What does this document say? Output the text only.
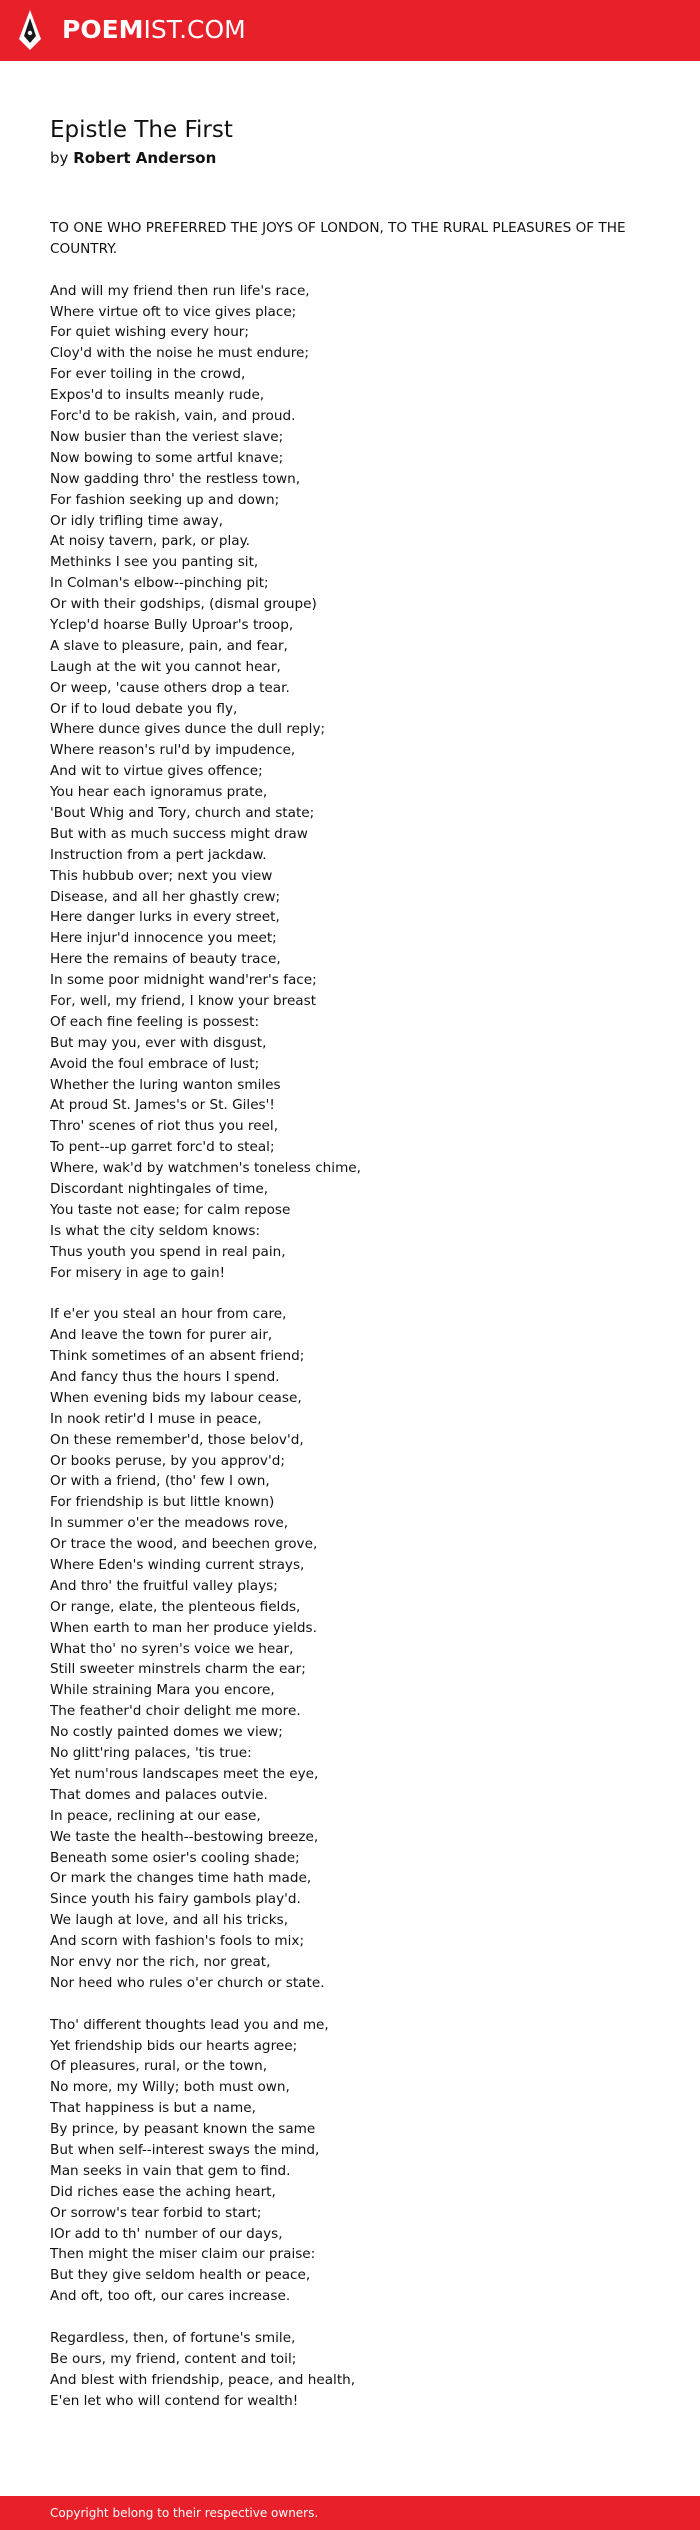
POEMIST.COM
Epistle The First
by Robert Anderson
TO ONE WHO PREFERRED THE JOYS OF LONDON, TO THE RURAL PLEASURES OF THE COUNTRY.
And will my friend then run life's race,
Where virtue oft to vice gives place;
For quiet wishing every hour;
Cloy'd with the noise he must endure;
For ever toiling in the crowd,
Expos'd to insults meanly rude,
Forc'd to be rakish, vain, and proud.
Now busier than the veriest slave;
Now bowing to some artful knave;
Now gadding thro' the restless town,
For fashion seeking up and down;
Or idly trifling time away,
At noisy tavern, park, or play.
Methinks I see you panting sit,
In Colman's elbow--pinching pit;
Or with their godships, (dismal groupe)
Yclep'd hoarse Bully Uproar's troop,
A slave to pleasure, pain, and fear,
Laugh at the wit you cannot hear,
Or weep, 'cause others drop a tear.
Or if to loud debate you fly,
Where dunce gives dunce the dull reply;
Where reason's rul'd by impudence,
And wit to virtue gives offence;
You hear each ignoramus prate,
'Bout Whig and Tory, church and state;
But with as much success might draw
Instruction from a pert jackdaw.
This hubbub over; next you view
Disease, and all her ghastly crew;
Here danger lurks in every street,
Here injur'd innocence you meet;
Here the remains of beauty trace,
In some poor midnight wand'rer's face;
For, well, my friend, I know your breast
Of each fine feeling is possest:
But may you, ever with disgust,
Avoid the foul embrace of lust;
Whether the luring wanton smiles
At proud St. James's or St. Giles'!
Thro' scenes of riot thus you reel,
To pent--up garret forc'd to steal;
Where, wak'd by watchmen's toneless chime,
Discordant nightingales of time,
You taste not ease; for calm repose
Is what the city seldom knows:
Thus youth you spend in real pain,
For misery in age to gain!
If e'er you steal an hour from care,
And leave the town for purer air,
Think sometimes of an absent friend;
And fancy thus the hours I spend.
When evening bids my labour cease,
In nook retir'd I muse in peace,
On these remember'd, those belov'd,
Or books peruse, by you approv'd;
Or with a friend, (tho' few I own,
For friendship is but little known)
In summer o'er the meadows rove,
Or trace the wood, and beechen grove,
Where Eden's winding current strays,
And thro' the fruitful valley plays;
Or range, elate, the plenteous fields,
When earth to man her produce yields.
What tho' no syren's voice we hear,
Still sweeter minstrels charm the ear;
While straining Mara you encore,
The feather'd choir delight me more.
No costly painted domes we view;
No glitt'ring palaces, 'tis true:
Yet num'rous landscapes meet the eye,
That domes and palaces outvie.
In peace, reclining at our ease,
We taste the health--bestowing breeze,
Beneath some osier's cooling shade;
Or mark the changes time hath made,
Since youth his fairy gambols play'd.
We laugh at love, and all his tricks,
And scorn with fashion's fools to mix;
Nor envy nor the rich, nor great,
Nor heed who rules o'er church or state.
Tho' different thoughts lead you and me,
Yet friendship bids our hearts agree;
Of pleasures, rural, or the town,
No more, my Willy; both must own,
That happiness is but a name,
By prince, by peasant known the same
But when self--interest sways the mind,
Man seeks in vain that gem to find.
Did riches ease the aching heart,
Or sorrow's tear forbid to start;
IOr add to th' number of our days,
Then might the miser claim our praise:
But they give seldom health or peace,
And oft, too oft, our cares increase.
Regardless, then, of fortune's smile,
Be ours, my friend, content and toil;
And blest with friendship, peace, and health,
E'en let who will contend for wealth!
Copyright belong to their respective owners.
